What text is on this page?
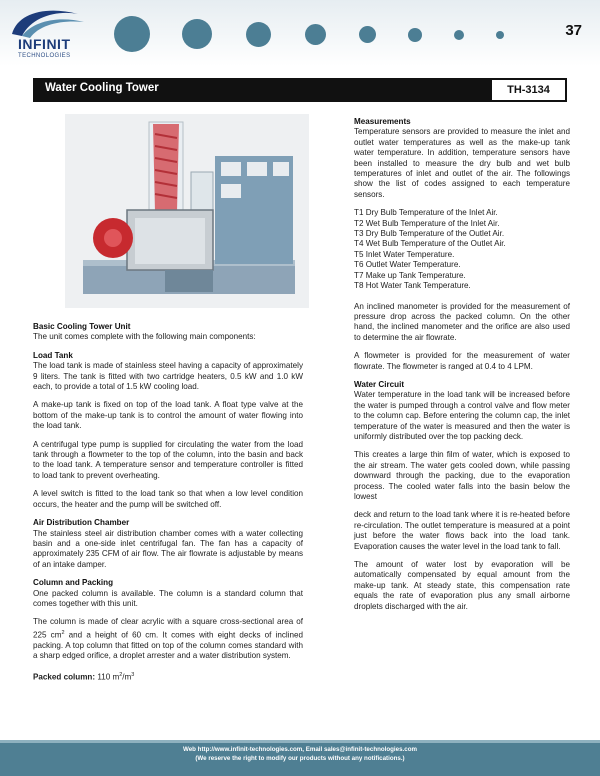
INFINIT
TECHNOLOGIES
37
Water Cooling Tower	TH-3134
Basic Cooling Tower Unit

The unit comes complete with the following main components:

Load Tank

The load tank is made of stainless steel having a capacity of approximately 9 liters. The tank is fitted with two cartridge heaters, 0.5 kW and 1.0 kW each, to provide a total of 1.5 kW cooling load.

A make-up tank is fixed on top of the load tank. A float type valve at the bottom of the make-up tank is to control the amount of water flowing into the load tank.

A centrifugal type pump is supplied for circulating the water from the load tank through a flowmeter to the top of the column, into the basin and back to the load tank. A temperature sensor and temperature controller is fitted to load tank to prevent overheating.

A level switch is fitted to the load tank so that when a low level condition occurs, the heater and the pump will be switched off.

Air Distribution Chamber

The stainless steel air distribution chamber comes with a water collecting basin and a one-side inlet centrifugal fan. The fan has a capacity of approximately 235 CFM of air flow. The air flowrate is adjustable by means of an intake damper.

Column and Packing

One packed column is available. The column is a standard column that comes together with this unit.

The column is made of clear acrylic with a square cross-sectional area of 225 $cm^2$ and a height of 60 cm. It comes with eight decks of inclined packing. A top column that fitted on top of the column comes standard with a sharp edged orifice, a droplet arrester and a water distribution system.

Packed column: 110 $m^2/m^3$

Measurements

Temperature sensors are provided to measure the inlet and outlet water temperatures as well as the make-up tank water temperature. In addition, temperature sensors have been installed to measure the dry bulb and wet bulb temperatures of inlet and outlet of the air. The followings show the list of codes assigned to each temperature sensors.

T1 Dry Bulb Temperature of the Inlet Air.
T2 Wet Bulb Temperature of the Inlet Air.
T3 Dry Bulb Temperature of the Outlet Air.
T4 Wet Bulb Temperature of the Outlet Air.
T5 Inlet Water Temperature.
T6 Outlet Water Temperature.
T7 Make up Tank Temperature.
T8 Hot Water Tank Temperature.

An inclined manometer is provided for the measurement of pressure drop across the packed column. On the other hand, the inclined manometer and the orifice are also used to determine the air flowrate.

A flowmeter is provided for the measurement of water flowrate. The flowmeter is ranged at 0.4 to 4 LPM.

Water Circuit

Water temperature in the load tank will be increased before the water is pumped through a control valve and flow meter to the column cap. Before entering the column cap, the inlet temperature of the water is measured and then the water is uniformly distributed over the top packing deck.

This creates a large thin film of water, which is exposed to the air stream. The water gets cooled down, while passing downward through the packing, due to the evaporation process. The cooled water falls into the basin below the lowest

deck and return to the load tank where it is re-heated before re-circulation. The outlet temperature is measured at a point just before the water flows back into the load tank. Evaporation causes the water level in the load tank to fall.

The amount of water lost by evaporation will be automatically compensated by equal amount from the make-up tank. At steady state, this compensation rate equals the rate of evaporation plus any small airborne droplets discharged with the air.

Web http://www.infinit-technologies.com, Email sales@infinit-technologies.com
(We reserve the right to modify our products without any notifications.)
